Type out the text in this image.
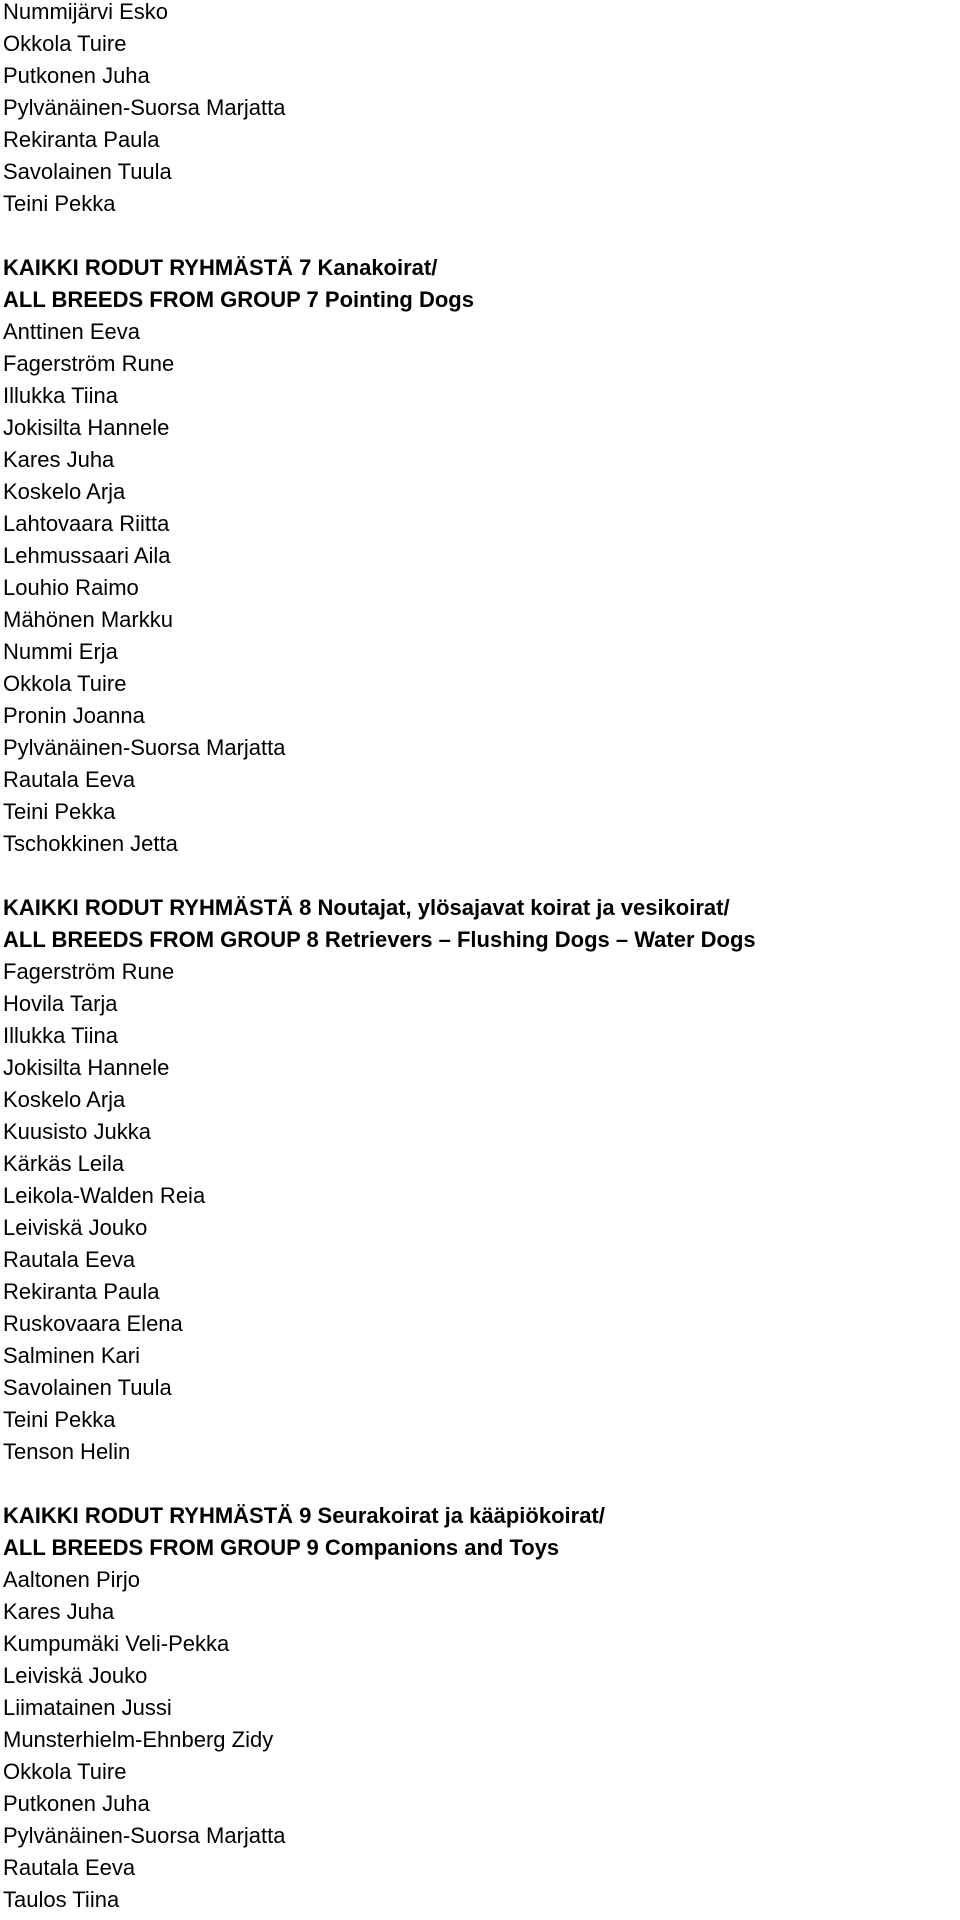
Nummijärvi Esko
Okkola Tuire
Putkonen Juha
Pylvänäinen-Suorsa Marjatta
Rekiranta Paula
Savolainen Tuula
Teini Pekka
KAIKKI RODUT RYHMÄSTÄ 7 Kanakoirat/
ALL BREEDS FROM GROUP 7 Pointing Dogs
Anttinen Eeva
Fagerström Rune
Illukka Tiina
Jokisilta Hannele
Kares Juha
Koskelo Arja
Lahtovaara Riitta
Lehmussaari Aila
Louhio Raimo
Mähönen Markku
Nummi Erja
Okkola Tuire
Pronin Joanna
Pylvänäinen-Suorsa Marjatta
Rautala Eeva
Teini Pekka
Tschokkinen Jetta
KAIKKI RODUT RYHMÄSTÄ 8 Noutajat, ylösajavat koirat ja vesikoirat/
ALL BREEDS FROM GROUP 8 Retrievers – Flushing Dogs – Water Dogs
Fagerström Rune
Hovila Tarja
Illukka Tiina
Jokisilta Hannele
Koskelo Arja
Kuusisto Jukka
Kärkäs Leila
Leikola-Walden Reia
Leiviskä Jouko
Rautala Eeva
Rekiranta Paula
Ruskovaara Elena
Salminen Kari
Savolainen Tuula
Teini Pekka
Tenson Helin
KAIKKI RODUT RYHMÄSTÄ 9 Seurakoirat ja kääpiökoirat/
ALL BREEDS FROM GROUP 9 Companions and Toys
Aaltonen Pirjo
Kares Juha
Kumpumäki Veli-Pekka
Leiviskä Jouko
Liimatainen Jussi
Munsterhielm-Ehnberg Zidy
Okkola Tuire
Putkonen Juha
Pylvänäinen-Suorsa Marjatta
Rautala Eeva
Taulos Tiina
